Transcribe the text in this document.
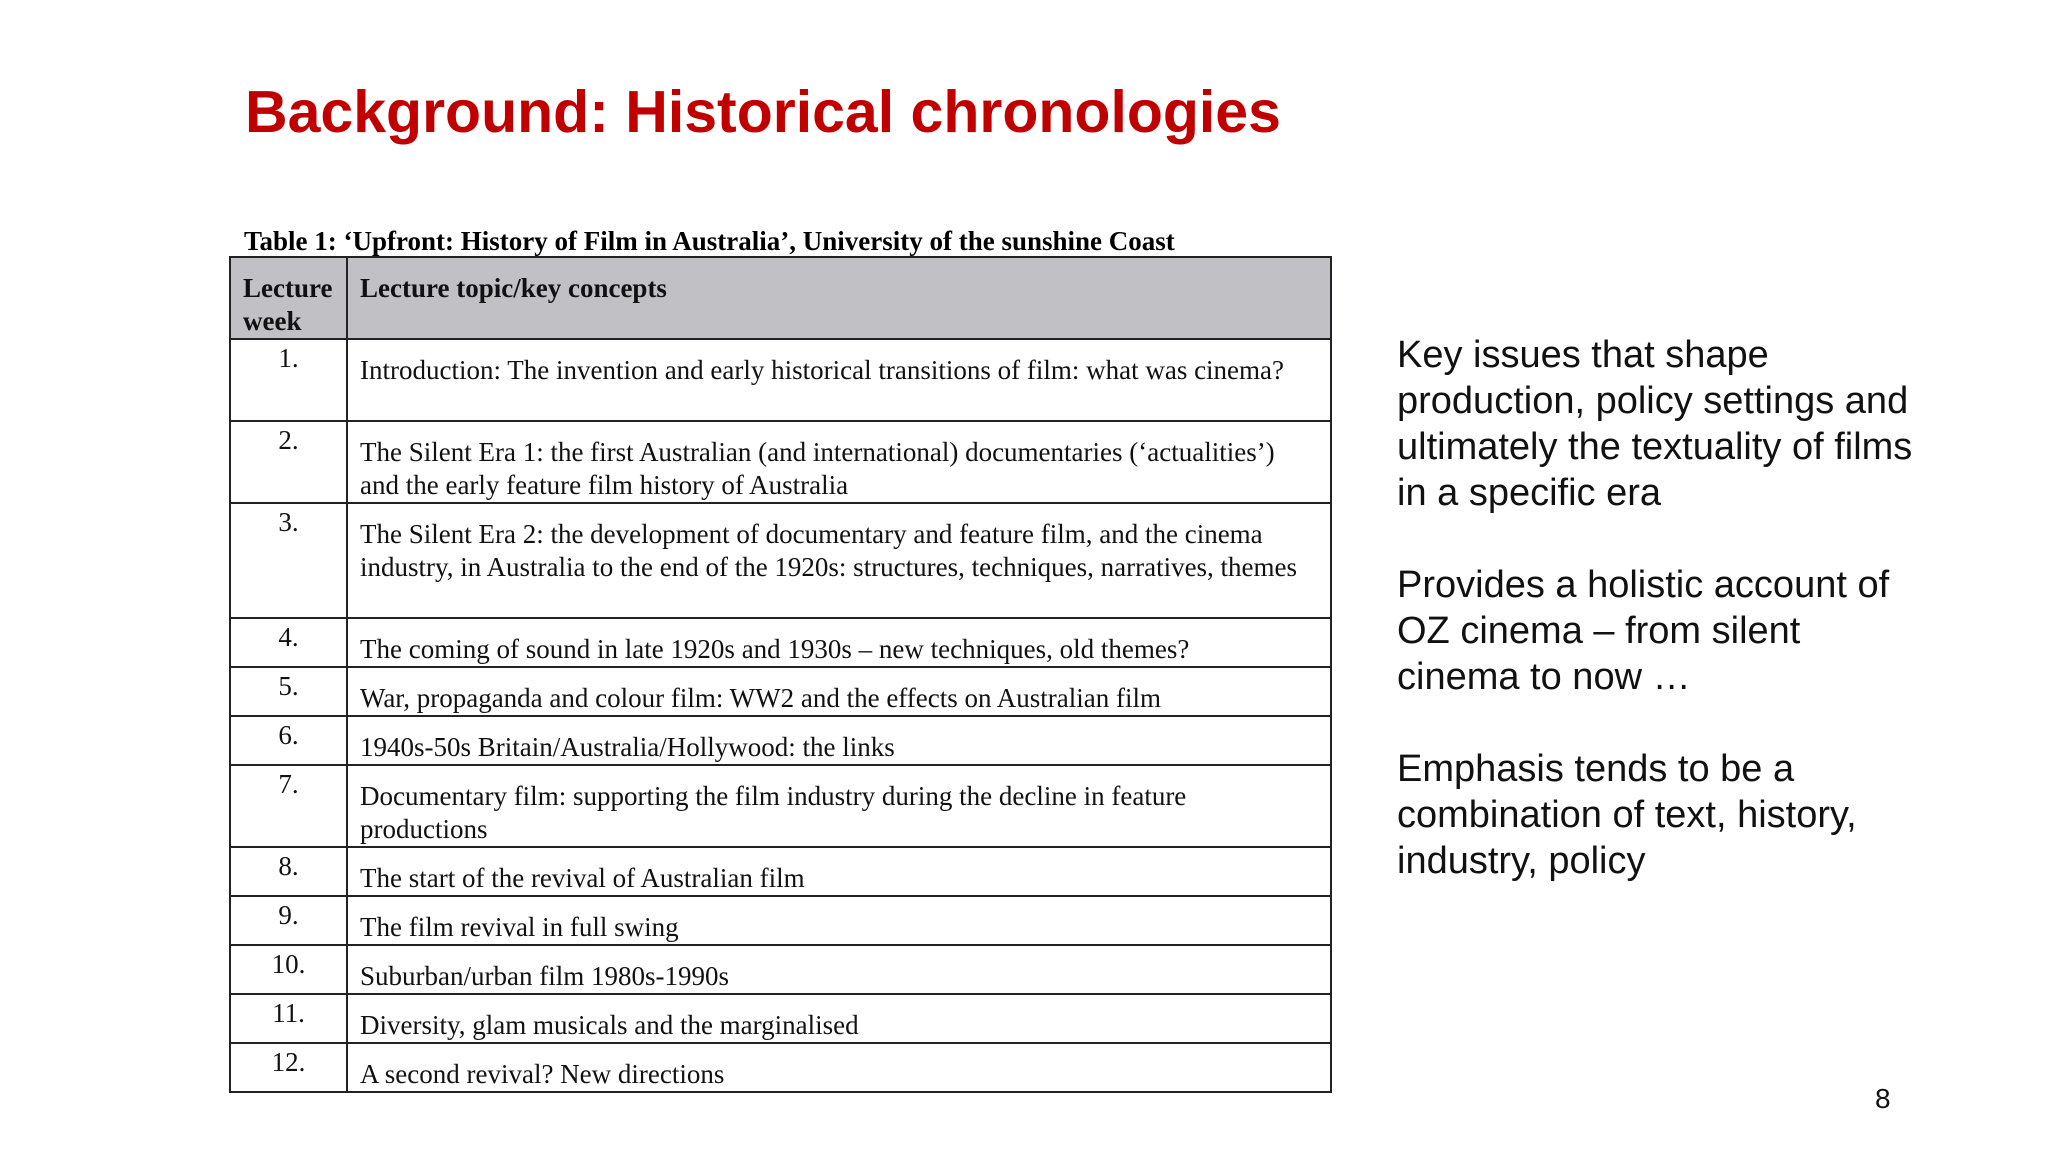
Background: Historical chronologies
Table 1: ‘Upfront: History of Film in Australia’, University of the sunshine Coast
Lecture week	Lecture topic/key concepts
1.	Introduction: The invention and early historical transitions of film: what was cinema?
2.	The Silent Era 1: the first Australian (and international) documentaries (‘actualities’) and the early feature film history of Australia
3.	The Silent Era 2: the development of documentary and feature film, and the cinema industry, in Australia to the end of the 1920s: structures, techniques, narratives, themes
4.	The coming of sound in late 1920s and 1930s – new techniques, old themes?
5.	War, propaganda and colour film: WW2 and the effects on Australian film
6.	1940s-50s Britain/Australia/Hollywood: the links
7.	Documentary film: supporting the film industry during the decline in feature productions
8.	The start of the revival of Australian film
9.	The film revival in full swing
10.	Suburban/urban film 1980s-1990s
11.	Diversity, glam musicals and the marginalised
12.	A second revival? New directions

Key issues that shape production, policy settings and ultimately the textuality of films in a specific era

Provides a holistic account of OZ cinema – from silent cinema to now …

Emphasis tends to be a combination of text, history, industry, policy

8
